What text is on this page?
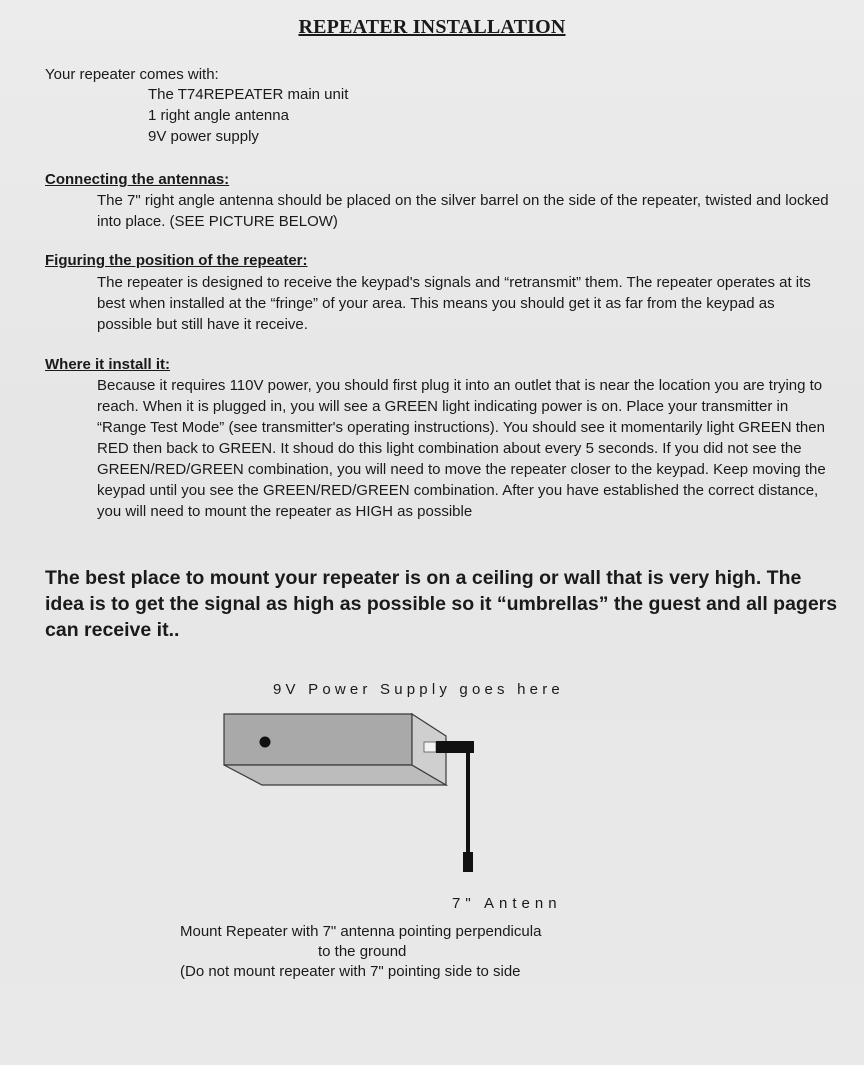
REPEATER INSTALLATION
Your repeater comes with:
The T74REPEATER main unit
1 right angle antenna
9V power supply
Connecting the antennas:
The 7" right angle antenna should be placed on the silver barrel on the side of the repeater, twisted and locked into place. (SEE PICTURE BELOW)
Figuring the position of the repeater:
The repeater is designed to receive the keypad's signals and “retransmit” them. The repeater operates at its best when installed at the “fringe” of your area. This means you should get it as far from the keypad as possible but still have it receive.
Where it install it:
Because it requires 110V power, you should first plug it into an outlet that is near the location you are trying to reach. When it is plugged in, you will see a GREEN light indicating power is on. Place your transmitter in “Range Test Mode” (see transmitter's operating instructions). You should see it momentarily light GREEN then RED then back to GREEN. It shoud do this light combination about every 5 seconds. If you did not see the GREEN/RED/GREEN combination, you will need to move the repeater closer to the keypad. Keep moving the keypad until you see the GREEN/RED/GREEN combination. After you have established the correct distance, you will need to mount the repeater as HIGH as possible
The best place to mount your repeater is on a ceiling or wall that is very high. The idea is to get the signal as high as possible so it “umbrellas” the guest and all pagers can receive it..
9V Power Supply goes here
7" Antenn
Mount Repeater with 7" antenna pointing perpendicula
to the ground
(Do not mount repeater with 7" pointing side to side
